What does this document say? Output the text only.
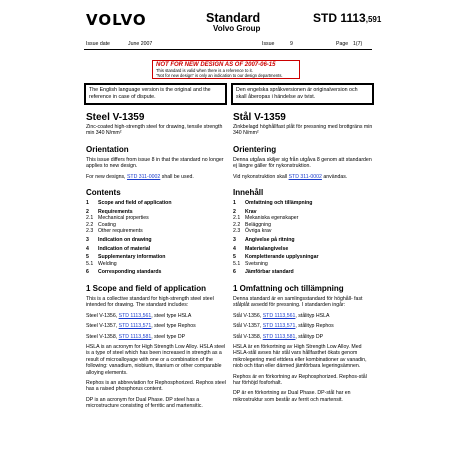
VOLVO	Standard
Volvo Group
STD 1113,591
Issue date	June 2007	Issue	9	Page 1(7)
NOT FOR NEW DESIGN AS OF 2007-06-15
This standard is valid when there is a reference to it.
"Not for new design" is only an indication to our design departments.
The English language version is the original and the reference in case of dispute.
Den engelska språkversionen är originalversion och skall åberopas i händelse av tvist.
Steel V-1359
Zinc-coated high-strength steel for drawing, tensile strength min 340 N/mm²
Orientation
This issue differs from issue 8 in that the standard no longer applies to new design.
For new designs, STD 311-0002 shall be used.
Contents
1	Scope and field of application
2	Requirements
2.1 Mechanical properties
2.2 Coating
2.3 Other requirements
3	Indication on drawing
4	Indication of material
5	Supplementary information
5.1 Welding
6	Corresponding standards
1 Scope and field of application
This is a collective standard for high-strength steel steel intended for drawing. The standard includes:
Steel V-1356, STD 1113,561, steel type HSLA
Steel V-1357, STD 1113,571, steel type Rephos
Steel V-1358, STD 1113,581, steel type DP
HSLA is an acronym for High Strength Low Alloy. HSLA steel is a type of steel which has been increased in strength as a result of microalloyage with one or a combination of the following: vanadium, niobium, titanium or other comparable alloying elements.
Rephos is an abbreviation for Rephosphorized. Rephos steel has a raised phosphorus content.
DP is an acronym for Dual Phase. DP steel has a microstructure consisting of ferritic and martensitic.
Stål V-1359
Zinkbelagd höghållfast plåt för pressning med brottgräns min 340 N/mm²
Orientering
Denna utgåva skiljer sig från utgåva 8 genom att standarden ej längre gäller för nykonstruktion.
Vid nykonstruktion skall STD 311-0002 användas.
Innehåll
1	Omfattning och tillämpning
2	Krav
2.1 Mekaniska egenskaper
2.2 Beläggning
2.3 Övriga krav
3	Angivelse på ritning
4	Materialangivelse
5	Kompletterande upplysningar
5.1 Svetsning
6	Jämförbar standard
1 Omfattning och tillämpning
Denna standard är en samlingsstandard för höghåll- fast stålplåt avsedd för pressning. I standarden ingår:
Stål V-1356, STD 1113,561, stålityp HSLA
Stål V-1357, STD 1113,571, stålityp Rephos
Stål V-1358, STD 1113,581, stålityp DP
HSLA är en förkortning av High Strength Low Alloy. Med HSLA-stål avses här stål vars hållfasthet ökats genom mikrolegering med ettdera eller kombinationer av vanadin, niob och titan eller därmed jämförbara legeringsämnen.
Rephos är en förkortning av Rephosphorized. Rephos-stål har förhöjd fosforhalt.
DP är en förkortning av Dual Phase. DP-stål har en mikrostruktur som består av ferrit och martensit.
